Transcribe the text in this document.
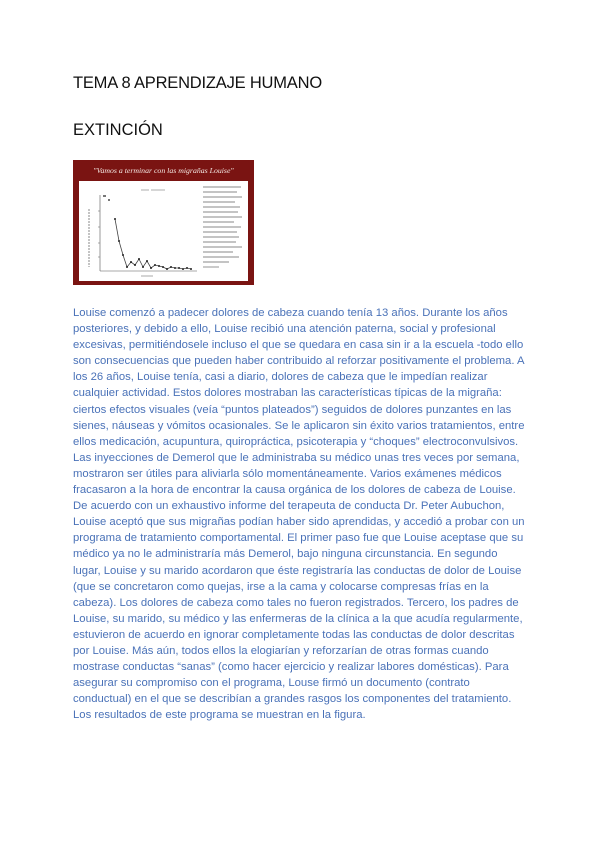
TEMA 8 APRENDIZAJE HUMANO
EXTINCIÓN
"Vamos a terminar con las migrañas Louise"

Louise comenzó a padecer dolores de cabeza cuando tenía 13 años. Durante los años posteriores, y debido a ello, Louise recibió una atención paterna, social y profesional excesivas, permitiéndosele incluso el que se quedara en casa sin ir a la escuela -todo ello son consecuencias que pueden haber contribuido al reforzar positivamente el problema. A los 26 años, Louise tenía, casi a diario, dolores de cabeza que le impedían realizar cualquier actividad. Estos dolores mostraban las características típicas de la migraña: ciertos efectos visuales (veía “puntos plateados”) seguidos de dolores punzantes en las sienes, náuseas y vómitos ocasionales. Se le aplicaron sin éxito varios tratamientos, entre ellos medicación, acupuntura, quiropráctica, psicoterapia y “choques” electroconvulsivos. Las inyecciones de Demerol que le administraba su médico unas tres veces por semana, mostraron ser útiles para aliviarla sólo momentáneamente. Varios exámenes médicos fracasaron a la hora de encontrar la causa orgánica de los dolores de cabeza de Louise. De acuerdo con un exhaustivo informe del terapeuta de conducta Dr. Peter Aubuchon, Louise aceptó que sus migrañas podían haber sido aprendidas, y accedió a probar con un programa de tratamiento comportamental. El primer paso fue que Louise aceptase que su médico ya no le administraría más Demerol, bajo ninguna circunstancia. En segundo lugar, Louise y su marido acordaron que éste registraría las conductas de dolor de Louise (que se concretaron como quejas, irse a la cama y colocarse compresas frías en la cabeza). Los dolores de cabeza como tales no fueron registrados. Tercero, los padres de Louise, su marido, su médico y las enfermeras de la clínica a la que acudía regularmente, estuvieron de acuerdo en ignorar completamente todas las conductas de dolor descritas por Louise. Más aún, todos ellos la elogiarían y reforzarían de otras formas cuando mostrase conductas “sanas” (como hacer ejercicio y realizar labores domésticas). Para asegurar su compromiso con el programa, Louse firmó un documento (contrato conductual) en el que se describían a grandes rasgos los componentes del tratamiento. Los resultados de este programa se muestran en la figura.
